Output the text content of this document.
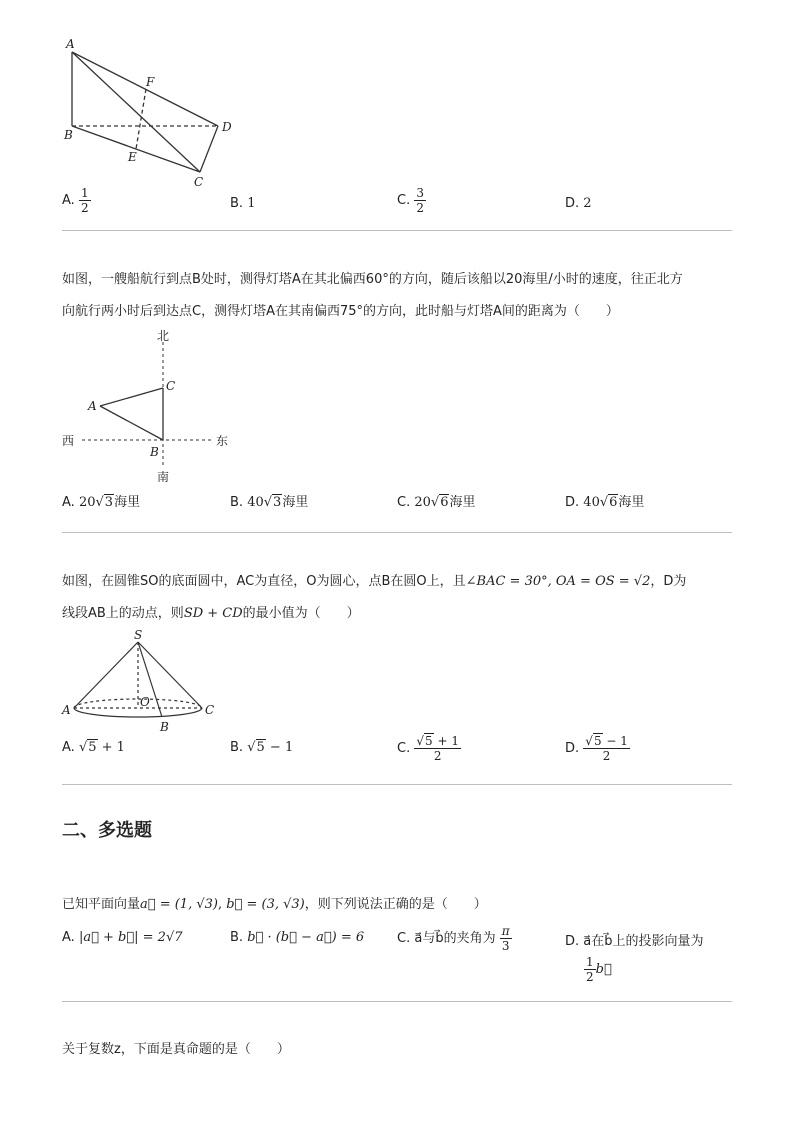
A
F
D
B
E
C
A. $\frac{1}{2}$	B. 1	C. $\frac{3}{2}$	D. 2
如图，一艘船航行到点B处时，测得灯塔A在其北偏西60°的方向，随后该船以20海里/小时的速度，往正北方
向航行两小时后到达点C，测得灯塔A在其南偏西75°的方向，此时船与灯塔A间的距离为（　　）
北
南
西	东
A
B
C
A. 20√3海里	B. 40√3海里	C. 20√6海里	D. 40√6海里
如图，在圆锥SO的底面圆中，AC为直径，O为圆心，点B在圆O上，且∠BAC = 30°, OA = OS = √2，D为
线段AB上的动点，则SD + CD的最小值为（　　）
S
O
A	C
B
A. √5 + 1	B. √5 − 1	C. $\frac{√5 + 1}{2}$	D. $\frac{√5 - 1}{2}$
二、多选题
已知平面向量a⃗ = (1, √3), b⃗ = (3, √3)，则下列说法正确的是（　　）
A. |a⃗ + b⃗| = 2√7	B. b⃗ · (b⃗ − a⃗) = 6	C. a⃗与b⃗的夹角为 $\frac{\pi}{3}$	D. a⃗在b⃗上的投影向量为
$\frac{1}{2}$ b⃗
关于复数z，下面是真命题的是（　　）
